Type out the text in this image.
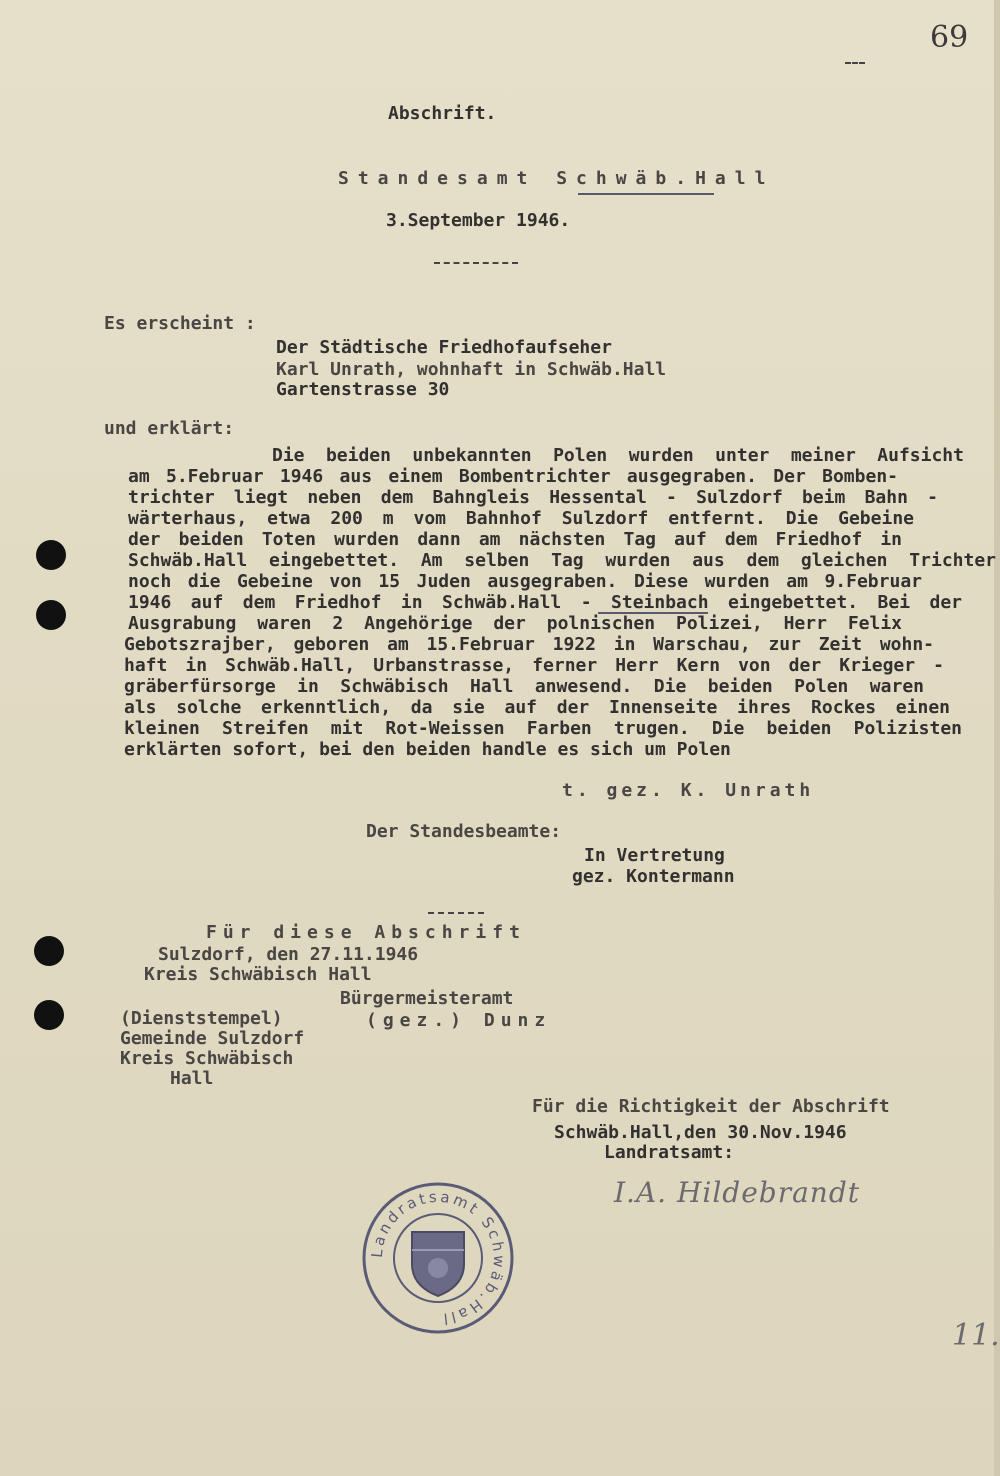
69
Abschrift.
Standesamt Schwäb.Hall
3.September 1946.
Es erscheint :
Der Städtische Friedhofaufseher
Karl Unrath, wohnhaft in Schwäb.Hall
Gartenstrasse 30
und erklärt:
Die beiden unbekannten Polen wurden unter meiner Aufsicht
am 5.Februar 1946 aus einem Bombentrichter ausgegraben. Der Bomben-
trichter liegt neben dem Bahngleis Hessental - Sulzdorf beim Bahn -
wärterhaus, etwa 200 m vom Bahnhof Sulzdorf entfernt. Die Gebeine
der beiden Toten wurden dann am nächsten Tag auf dem Friedhof in
Schwäb.Hall eingebettet. Am selben Tag wurden aus dem gleichen Trichter
noch die Gebeine von 15 Juden ausgegraben. Diese wurden am 9.Februar
1946 auf dem Friedhof in Schwäb.Hall - Steinbach eingebettet. Bei der
Ausgrabung waren 2 Angehörige der polnischen Polizei, Herr Felix
Gebotszrajber, geboren am 15.Februar 1922 in Warschau, zur Zeit wohn-
haft in Schwäb.Hall, Urbanstrasse, ferner Herr Kern von der Krieger -
gräberfürsorge in Schwäbisch Hall anwesend. Die beiden Polen waren
als solche erkenntlich, da sie auf der Innenseite ihres Rockes einen
kleinen Streifen mit Rot-Weissen Farben trugen. Die beiden Polizisten
erklärten sofort, bei den beiden handle es sich um Polen
t. gez. K. Unrath
Der Standesbeamte:
In Vertretung
gez. Kontermann
Für diese Abschrift
Sulzdorf, den 27.11.1946
Kreis Schwäbisch Hall
Bürgermeisteramt
(Dienststempel)	(gez.) Dunz
Gemeinde Sulzdorf
Kreis Schwäbisch
Hall
Für die Richtigkeit der Abschrift
Schwäb.Hall,den 30.Nov.1946
Landratsamt:
I.A. Hildebrandt
Landratsamt Schwäb.Hall	11.
